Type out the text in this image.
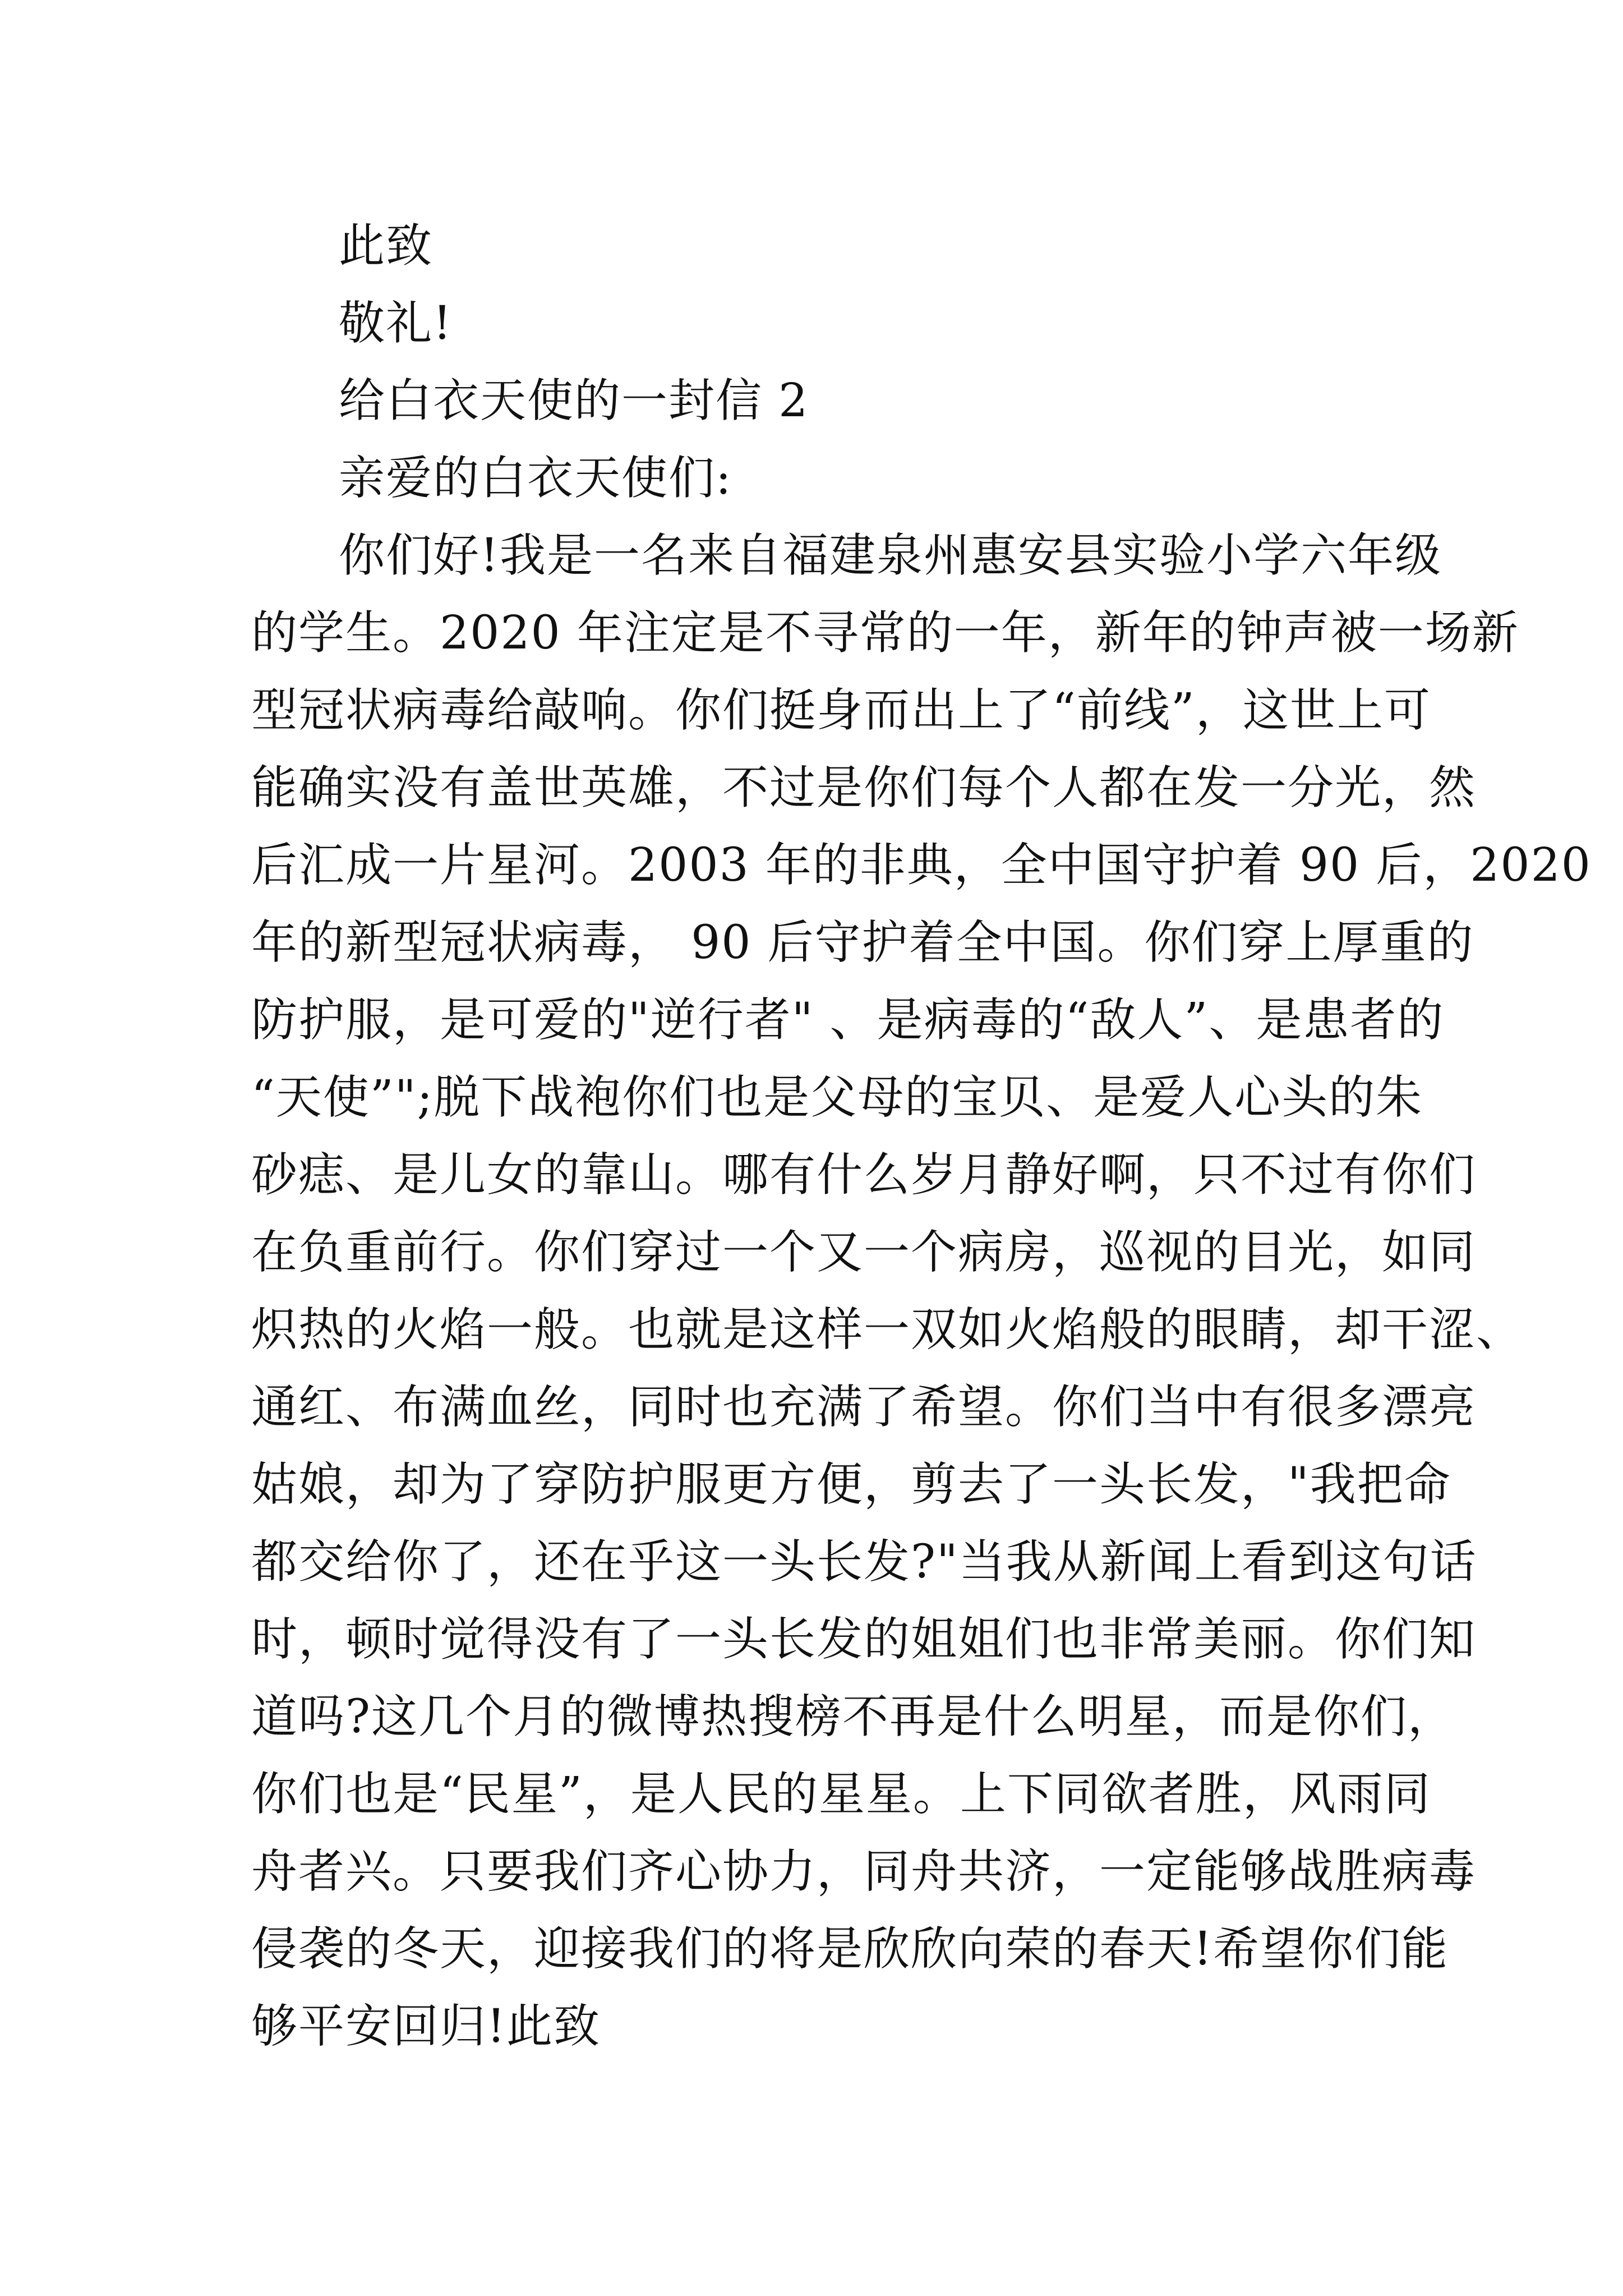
此致

敬礼!

给白衣天使的一封信 2

亲爱的白衣天使们:

你们好!我是一名来自福建泉州惠安县实验小学六年级

的学生。2020 年注定是不寻常的一年，新年的钟声被一场新

型冠状病毒给敲响。你们挺身而出上了“前线”，这世上可

能确实没有盖世英雄，不过是你们每个人都在发一分光，然

后汇成一片星河。2003 年的非典，全中国守护着 90 后，2020

年的新型冠状病毒， 90 后守护着全中国。你们穿上厚重的

防护服，是可爱的"逆行者" 、是病毒的“敌人”、是患者的

“天使”";脱下战袍你们也是父母的宝贝、是爱人心头的朱

砂痣、是儿女的靠山。哪有什么岁月静好啊，只不过有你们

在负重前行。你们穿过一个又一个病房，巡视的目光，如同

炽热的火焰一般。也就是这样一双如火焰般的眼睛，却干涩、

通红、布满血丝，同时也充满了希望。你们当中有很多漂亮

姑娘，却为了穿防护服更方便，剪去了一头长发，"我把命

都交给你了，还在乎这一头长发?"当我从新闻上看到这句话

时，顿时觉得没有了一头长发的姐姐们也非常美丽。你们知

道吗?这几个月的微博热搜榜不再是什么明星，而是你们，

你们也是“民星”，是人民的星星。上下同欲者胜，风雨同

舟者兴。只要我们齐心协力，同舟共济，一定能够战胜病毒

侵袭的冬天，迎接我们的将是欣欣向荣的春天!希望你们能

够平安回归!此致
